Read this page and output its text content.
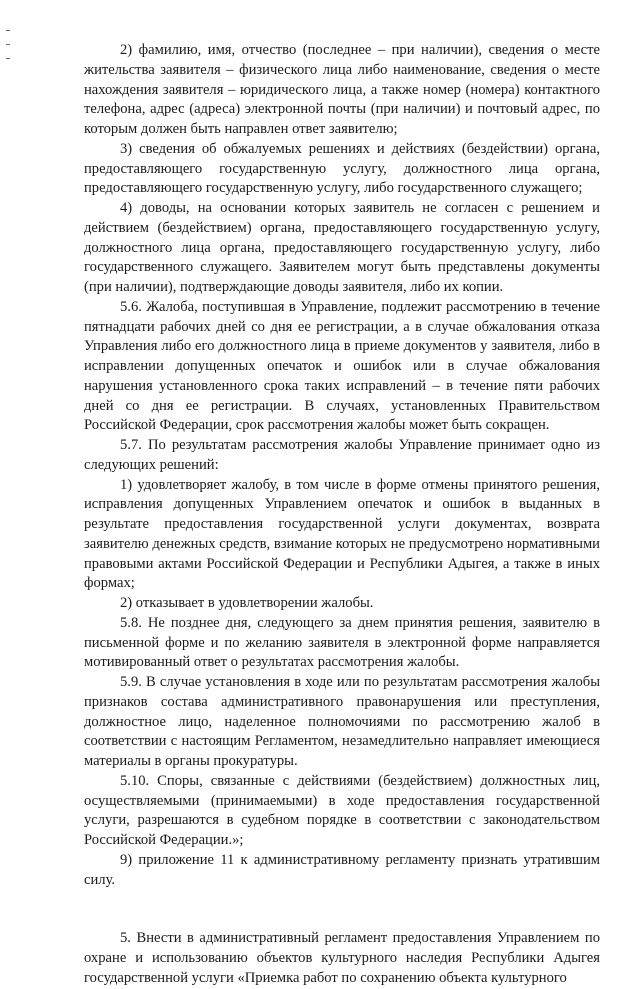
2) фамилию, имя, отчество (последнее – при наличии), сведения о месте жительства заявителя – физического лица либо наименование, сведения о месте нахождения заявителя – юридического лица, а также номер (номера) контактного телефона, адрес (адреса) электронной почты (при наличии) и почтовый адрес, по которым должен быть направлен ответ заявителю;

3) сведения об обжалуемых решениях и действиях (бездействии) органа, предоставляющего государственную услугу, должностного лица органа, предоставляющего государственную услугу, либо государственного служащего;

4) доводы, на основании которых заявитель не согласен с решением и действием (бездействием) органа, предоставляющего государственную услугу, должностного лица органа, предоставляющего государственную услугу, либо государственного служащего. Заявителем могут быть представлены документы (при наличии), подтверждающие доводы заявителя, либо их копии.

5.6. Жалоба, поступившая в Управление, подлежит рассмотрению в течение пятнадцати рабочих дней со дня ее регистрации, а в случае обжалования отказа Управления либо его должностного лица в приеме документов у заявителя, либо в исправлении допущенных опечаток и ошибок или в случае обжалования нарушения установленного срока таких исправлений – в течение пяти рабочих дней со дня ее регистрации. В случаях, установленных Правительством Российской Федерации, срок рассмотрения жалобы может быть сокращен.

5.7. По результатам рассмотрения жалобы Управление принимает одно из следующих решений:

1) удовлетворяет жалобу, в том числе в форме отмены принятого решения, исправления допущенных Управлением опечаток и ошибок в выданных в результате предоставления государственной услуги документах, возврата заявителю денежных средств, взимание которых не предусмотрено нормативными правовыми актами Российской Федерации и Республики Адыгея, а также в иных формах;

2) отказывает в удовлетворении жалобы.

5.8. Не позднее дня, следующего за днем принятия решения, заявителю в письменной форме и по желанию заявителя в электронной форме направляется мотивированный ответ о результатах рассмотрения жалобы.

5.9. В случае установления в ходе или по результатам рассмотрения жалобы признаков состава административного правонарушения или преступления, должностное лицо, наделенное полномочиями по рассмотрению жалоб в соответствии с настоящим Регламентом, незамедлительно направляет имеющиеся материалы в органы прокуратуры.

5.10. Споры, связанные с действиями (бездействием) должностных лиц, осуществляемыми (принимаемыми) в ходе предоставления государственной услуги, разрешаются в судебном порядке в соответствии с законодательством Российской Федерации.»;

9) приложение 11 к административному регламенту признать утратившим силу.

5. Внести в административный регламент предоставления Управлением по охране и использованию объектов культурного наследия Республики Адыгея государственной услуги «Приемка работ по сохранению объекта культурного
